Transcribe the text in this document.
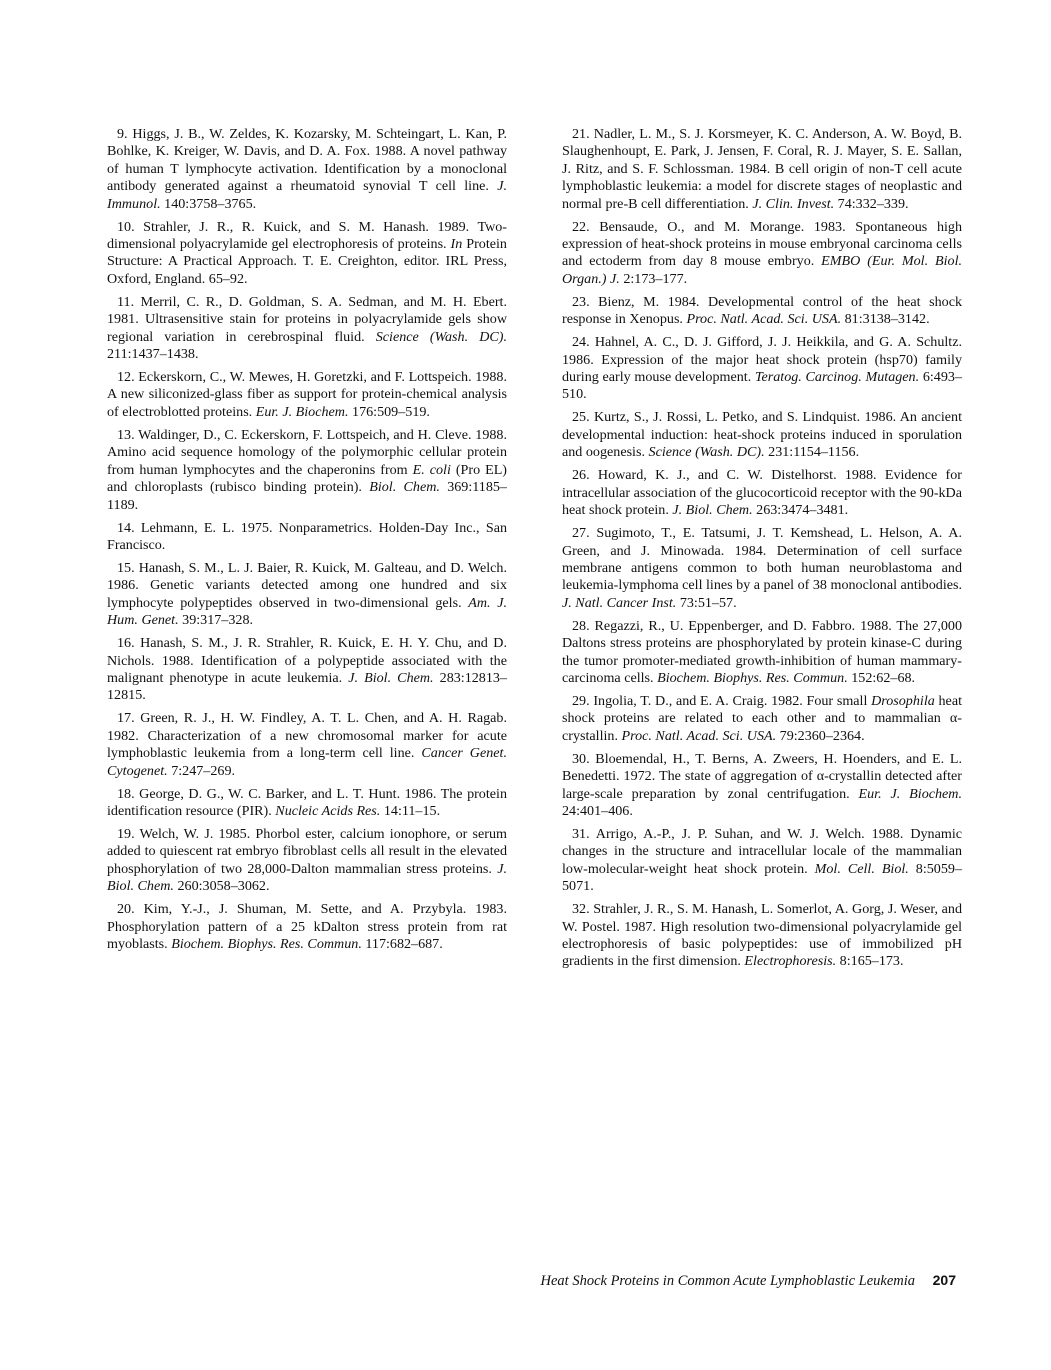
9. Higgs, J. B., W. Zeldes, K. Kozarsky, M. Schteingart, L. Kan, P. Bohlke, K. Kreiger, W. Davis, and D. A. Fox. 1988. A novel pathway of human T lymphocyte activation. Identification by a monoclonal antibody generated against a rheumatoid synovial T cell line. J. Immunol. 140:3758–3765.

10. Strahler, J. R., R. Kuick, and S. M. Hanash. 1989. Two-dimensional polyacrylamide gel electrophoresis of proteins. In Protein Structure: A Practical Approach. T. E. Creighton, editor. IRL Press, Oxford, England. 65–92.

11. Merril, C. R., D. Goldman, S. A. Sedman, and M. H. Ebert. 1981. Ultrasensitive stain for proteins in polyacrylamide gels show regional variation in cerebrospinal fluid. Science (Wash. DC). 211:1437–1438.

12. Eckerskorn, C., W. Mewes, H. Goretzki, and F. Lottspeich. 1988. A new siliconized-glass fiber as support for protein-chemical analysis of electroblotted proteins. Eur. J. Biochem. 176:509–519.

13. Waldinger, D., C. Eckerskorn, F. Lottspeich, and H. Cleve. 1988. Amino acid sequence homology of the polymorphic cellular protein from human lymphocytes and the chaperonins from E. coli (Pro EL) and chloroplasts (rubisco binding protein). Biol. Chem. 369:1185–1189.

14. Lehmann, E. L. 1975. Nonparametrics. Holden-Day Inc., San Francisco.

15. Hanash, S. M., L. J. Baier, R. Kuick, M. Galteau, and D. Welch. 1986. Genetic variants detected among one hundred and six lymphocyte polypeptides observed in two-dimensional gels. Am. J. Hum. Genet. 39:317–328.

16. Hanash, S. M., J. R. Strahler, R. Kuick, E. H. Y. Chu, and D. Nichols. 1988. Identification of a polypeptide associated with the malignant phenotype in acute leukemia. J. Biol. Chem. 283:12813–12815.

17. Green, R. J., H. W. Findley, A. T. L. Chen, and A. H. Ragab. 1982. Characterization of a new chromosomal marker for acute lymphoblastic leukemia from a long-term cell line. Cancer Genet. Cytogenet. 7:247–269.

18. George, D. G., W. C. Barker, and L. T. Hunt. 1986. The protein identification resource (PIR). Nucleic Acids Res. 14:11–15.

19. Welch, W. J. 1985. Phorbol ester, calcium ionophore, or serum added to quiescent rat embryo fibroblast cells all result in the elevated phosphorylation of two 28,000-Dalton mammalian stress proteins. J. Biol. Chem. 260:3058–3062.

20. Kim, Y.-J., J. Shuman, M. Sette, and A. Przybyla. 1983. Phosphorylation pattern of a 25 kDalton stress protein from rat myoblasts. Biochem. Biophys. Res. Commun. 117:682–687.

21. Nadler, L. M., S. J. Korsmeyer, K. C. Anderson, A. W. Boyd, B. Slaughenhoupt, E. Park, J. Jensen, F. Coral, R. J. Mayer, S. E. Sallan, J. Ritz, and S. F. Schlossman. 1984. B cell origin of non-T cell acute lymphoblastic leukemia: a model for discrete stages of neoplastic and normal pre-B cell differentiation. J. Clin. Invest. 74:332–339.

22. Bensaude, O., and M. Morange. 1983. Spontaneous high expression of heat-shock proteins in mouse embryonal carcinoma cells and ectoderm from day 8 mouse embryo. EMBO (Eur. Mol. Biol. Organ.) J. 2:173–177.

23. Bienz, M. 1984. Developmental control of the heat shock response in Xenopus. Proc. Natl. Acad. Sci. USA. 81:3138–3142.

24. Hahnel, A. C., D. J. Gifford, J. J. Heikkila, and G. A. Schultz. 1986. Expression of the major heat shock protein (hsp70) family during early mouse development. Teratog. Carcinog. Mutagen. 6:493–510.

25. Kurtz, S., J. Rossi, L. Petko, and S. Lindquist. 1986. An ancient developmental induction: heat-shock proteins induced in sporulation and oogenesis. Science (Wash. DC). 231:1154–1156.

26. Howard, K. J., and C. W. Distelhorst. 1988. Evidence for intracellular association of the glucocorticoid receptor with the 90-kDa heat shock protein. J. Biol. Chem. 263:3474–3481.

27. Sugimoto, T., E. Tatsumi, J. T. Kemshead, L. Helson, A. A. Green, and J. Minowada. 1984. Determination of cell surface membrane antigens common to both human neuroblastoma and leukemia-lymphoma cell lines by a panel of 38 monoclonal antibodies. J. Natl. Cancer Inst. 73:51–57.

28. Regazzi, R., U. Eppenberger, and D. Fabbro. 1988. The 27,000 Daltons stress proteins are phosphorylated by protein kinase-C during the tumor promoter-mediated growth-inhibition of human mammary-carcinoma cells. Biochem. Biophys. Res. Commun. 152:62–68.

29. Ingolia, T. D., and E. A. Craig. 1982. Four small Drosophila heat shock proteins are related to each other and to mammalian α-crystallin. Proc. Natl. Acad. Sci. USA. 79:2360–2364.

30. Bloemendal, H., T. Berns, A. Zweers, H. Hoenders, and E. L. Benedetti. 1972. The state of aggregation of α-crystallin detected after large-scale preparation by zonal centrifugation. Eur. J. Biochem. 24:401–406.

31. Arrigo, A.-P., J. P. Suhan, and W. J. Welch. 1988. Dynamic changes in the structure and intracellular locale of the mammalian low-molecular-weight heat shock protein. Mol. Cell. Biol. 8:5059–5071.

32. Strahler, J. R., S. M. Hanash, L. Somerlot, A. Gorg, J. Weser, and W. Postel. 1987. High resolution two-dimensional polyacrylamide gel electrophoresis of basic polypeptides: use of immobilized pH gradients in the first dimension. Electrophoresis. 8:165–173.

Heat Shock Proteins in Common Acute Lymphoblastic Leukemia 207
